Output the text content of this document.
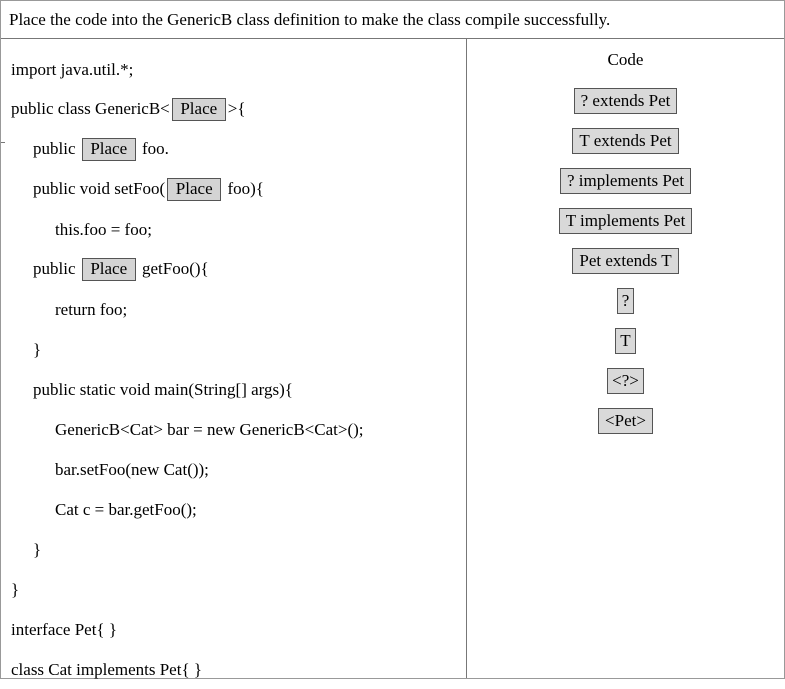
Place the code into the GenericB class definition to make the class compile successfully.
import java.util.*;
public class GenericB< Place >{
public Place foo.
public void setFoo( Place foo){
this.foo = foo;
public Place getFoo(){
return foo;
}
public static void main(String[] args){
GenericB<Cat> bar = new GenericB<Cat>();
bar.setFoo(new Cat());
Cat c = bar.getFoo();
}
}
interface Pet{ }
class Cat implements Pet{ }
Code
? extends Pet
T extends Pet
? implements Pet
T implements Pet
Pet extends T
?
T
<?>
<Pet>
